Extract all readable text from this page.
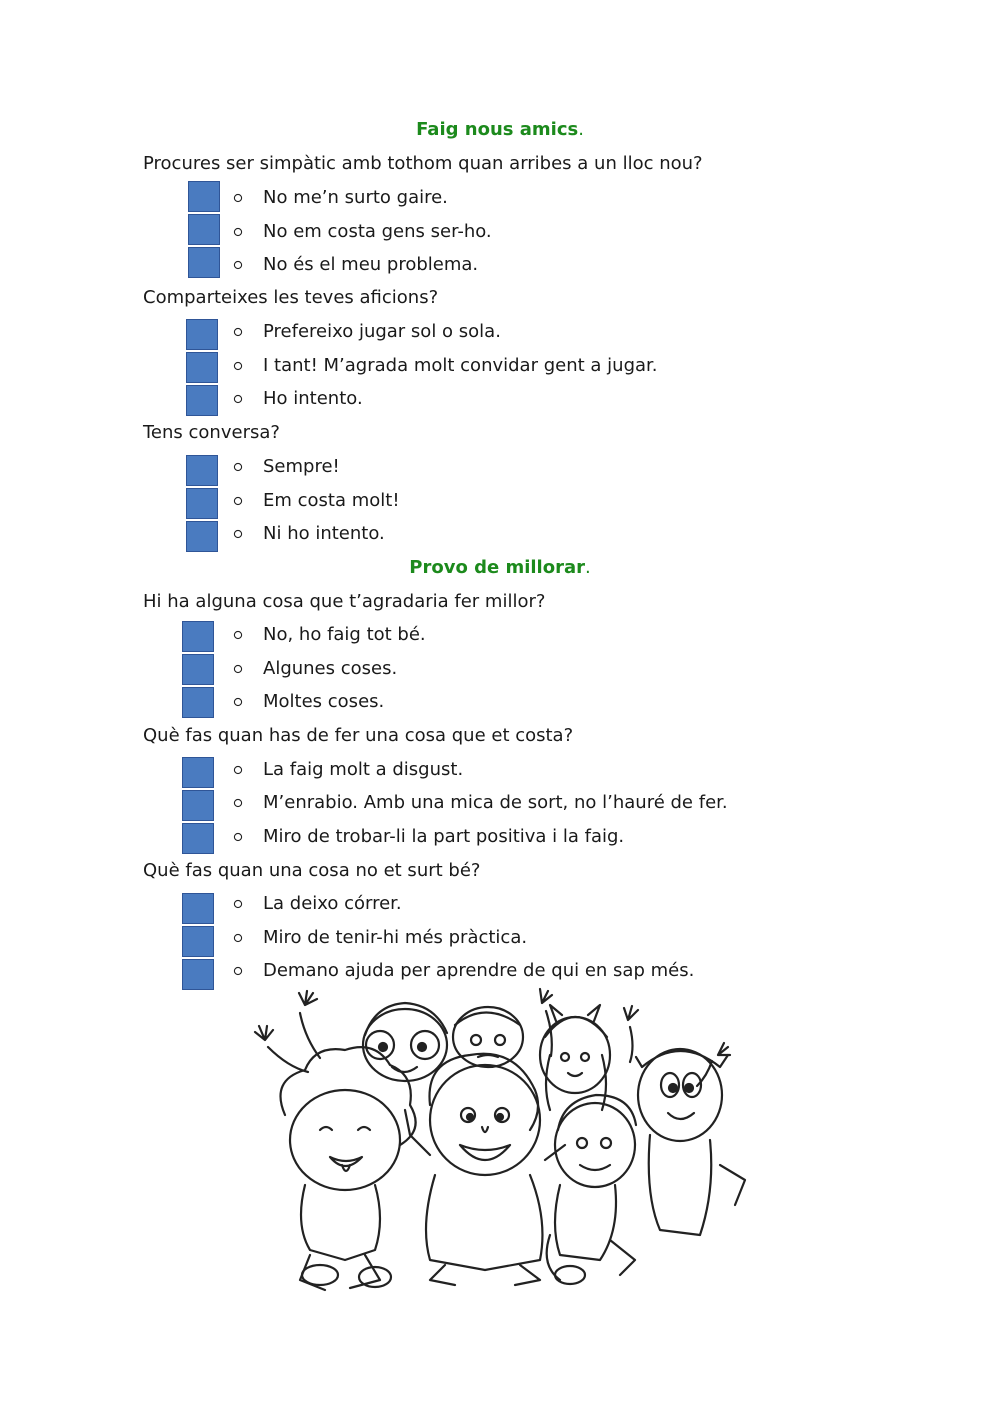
Faig nous amics.
Procures ser simpàtic amb tothom quan arribes a un lloc nou?
No me’n surto gaire.
No em costa gens ser-ho.
No és el meu problema.
Comparteixes les teves aficions?
Prefereixo jugar sol o sola.
I tant! M’agrada molt convidar gent a jugar.
Ho intento.
Tens conversa?
Sempre!
Em costa molt!
Ni ho intento.
Provo de millorar.
Hi ha alguna cosa que t’agradaria fer millor?
No, ho faig tot bé.
Algunes coses.
Moltes coses.
Què fas quan has de fer una cosa que et costa?
La faig molt a disgust.
M’enrabio. Amb una mica de sort, no l’hauré de fer.
Miro de trobar-li la part positiva i la faig.
Què fas quan una cosa no et surt bé?
La deixo córrer.
Miro de tenir-hi més pràctica.
Demano ajuda per aprendre de qui en sap més.
